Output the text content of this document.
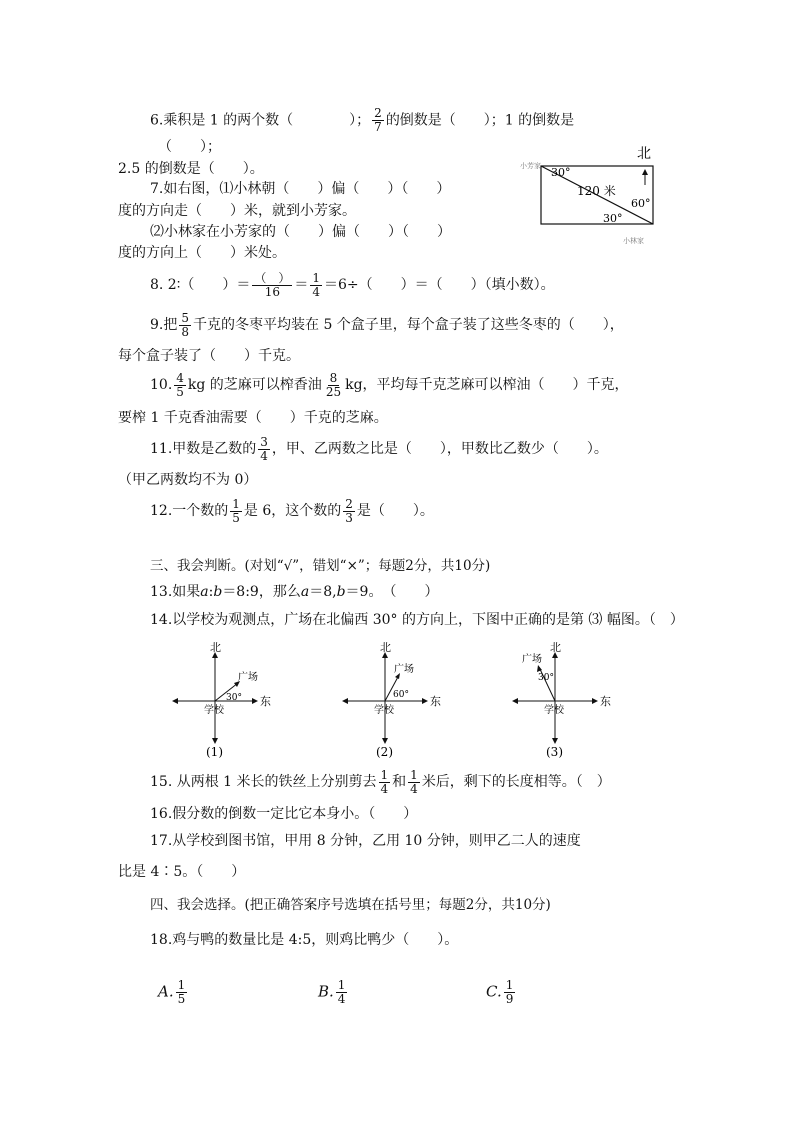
6.乘积是 1 的两个数（　　　　）； $\frac{2}{7}$ 的倒数是（　　）；1 的倒数是
（　　）；
2.5 的倒数是（　　）。
7.如右图，⑴小林朝（　　）偏（　　）（　　）
度的方向走（　　）米，就到小芳家。
⑵小林家在小芳家的（　　）偏（　　）（　　）
度的方向上（　　）米处。
北
小芳家
小林家
30°
120 米
60°
30°
8. 2∶（　　）＝ $\frac{( )}{16} = \frac{1}{4} =6\div$（　　）＝（　　）（填小数）。
9.把 $\frac{5}{8}$ 千克的冬枣平均装在 5 个盒子里，每个盒子装了这些冬枣的（　　），
每个盒子装了（　　）千克。
10. $\frac{4}{5}$ kg 的芝麻可以榨香油 $\frac{8}{25}$ kg，平均每千克芝麻可以榨油（　　）千克，
要榨 1 千克香油需要（　　）千克的芝麻。
11.甲数是乙数的 $\frac{3}{4}$ ，甲、乙两数之比是（　　），甲数比乙数少（　　）。
（甲乙两数均不为 0）
12.一个数的 $\frac{1}{5}$ 是 6，这个数的 $\frac{2}{3}$ 是（　　）。
三、我会判断。(对划“√”，错划“×”；每题2分，共10分)
13.如果a:b＝8:9，那么a＝8,b＝9。　（　　）
14.以学校为观测点，广场在北偏西 30° 的方向上，下图中正确的是第 ⑶ 幅图。（　）
北
东
学校
广场
30°
(1)
北
东
学校
广场
60°
(2)
北
东
学校
广场
30°
(3)
15. 从两根 1 米长的铁丝上分别剪去 $\frac{1}{4}$ 和 $\frac{1}{4}$ 米后，剩下的长度相等。（　）
16.假分数的倒数一定比它本身小。（　　）
17.从学校到图书馆，甲用 8 分钟，乙用 10 分钟，则甲乙二人的速度
比是 4∶5。（　　）
四、我会选择。(把正确答案序号选填在括号里；每题2分，共10分)
18.鸡与鸭的数量比是 4:5，则鸡比鸭少（　　）。
A. $\frac{1}{5}$	B. $\frac{1}{4}$	C. $\frac{1}{9}$
